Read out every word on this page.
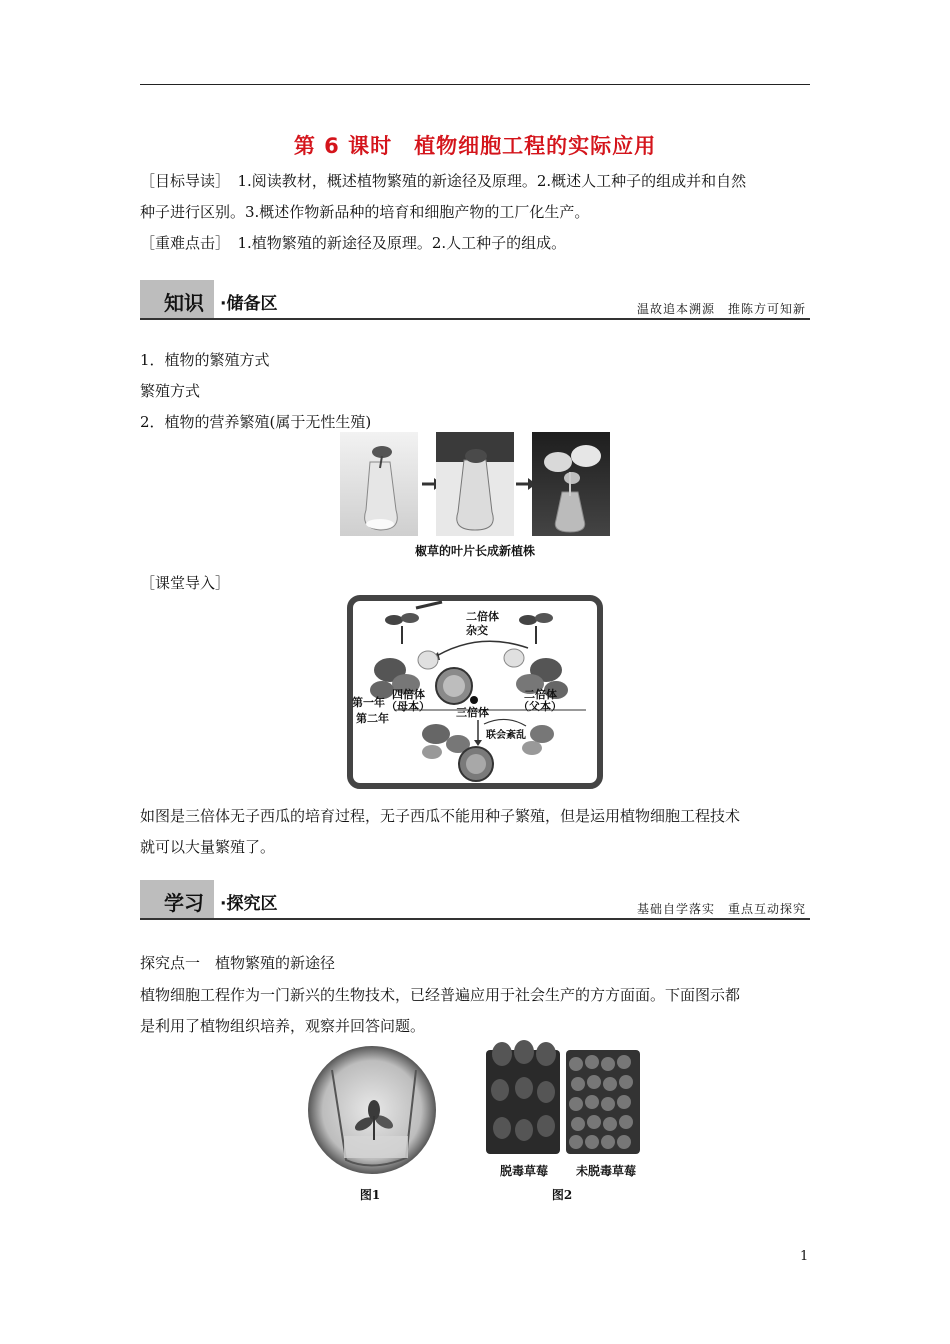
第 6 课时　植物细胞工程的实际应用
［目标导读］　1.阅读教材，概述植物繁殖的新途径及原理。2.概述人工种子的组成并和自然
种子进行区别。3.概述作物新品种的培育和细胞产物的工厂化生产。
［重难点击］　1.植物繁殖的新途径及原理。2.人工种子的组成。
知识 ·储备区	温故追本溯源　推陈方可知新
1．植物的繁殖方式
繁殖方式
2．植物的营养繁殖(属于无性生殖)
椒草的叶片长成新植株
［课堂导入］
二倍体
杂交
四倍体
（母本）
二倍体
（父本）
第一年
第二年	三倍体
联会紊乱
如图是三倍体无子西瓜的培育过程，无子西瓜不能用种子繁殖，但是运用植物细胞工程技术
就可以大量繁殖了。
学习 ·探究区	基础自学落实　重点互动探究
探究点一　植物繁殖的新途径
植物细胞工程作为一门新兴的生物技术，已经普遍应用于社会生产的方方面面。下面图示都
是利用了植物组织培养，观察并回答问题。
脱毒草莓	未脱毒草莓
图1	图2
1
